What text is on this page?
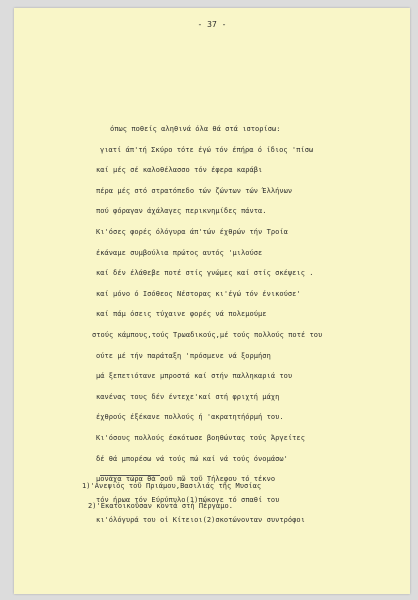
- 37 -
όπως ποθείς αληθινά όλα θά στά ιστορίσω:
γιατί άπ'τή Σκύρο τότε έγώ τόν έπήρα ό ίδιος 'πίσω
καί μές σέ καλοθέλασσο τόν έφερα καράβι
πέρα μές στό στρατόπεδο τών ζώντων τών Έλλήνων
πού φόραγαν άχάλαγες περικνημίδες πάντα.
Κι'όσες φορές όλόγυρα άπ'τών έχθρών τήν Τροία
έκάναμε συμβούλια πρώτος αυτός 'μιλούσε
καί δέν έλάθεβε ποτέ στίς γνώμες καί στίς σκέψεις .
καί μόνο ό Ισόθεος Νέστορας κι'έγώ τόν ένικούσε'
καί πάμ όσεις τύχαινε φορές νά πολεμούμε
στούς κάμπους,τούς Τρωαδικούς,μέ τούς πολλούς ποτέ του
ούτε μέ τήν παράταξη 'πρόσμενε νά ξορμήση
μά ξεπετιότανε μπροστά καί στήν παλληκαριά του
κανένας τους δέν έντεχε'καί στή φριχτή μάχη
έχθρούς έξέκανε πολλούς ή 'ακρατητήόρμή του.
Κι'όσους πολλούς έσκότωσε βοηθώντας τούς Άργείτες
δέ θά μπορέσω νά τούς πώ καί νά τούς όνομάσω'
μονάχα τώρα θά σοῦ πῶ τοῦ Τήλεφου τό τέκνο
τόν ήρωα τόν Εύρύπυλο(1)πώκογε τό σπαθί του
κι'όλόγυρά του οἱ Κίτειοι(2)σκοτώνονταν συντρόφοι
1)'Ανεψιός τοῦ Πριάμου,Βασιλιάς τῆς Μυσίας
2)'Εκατοικοῦσαν κοντά στή Πέργαμο.
